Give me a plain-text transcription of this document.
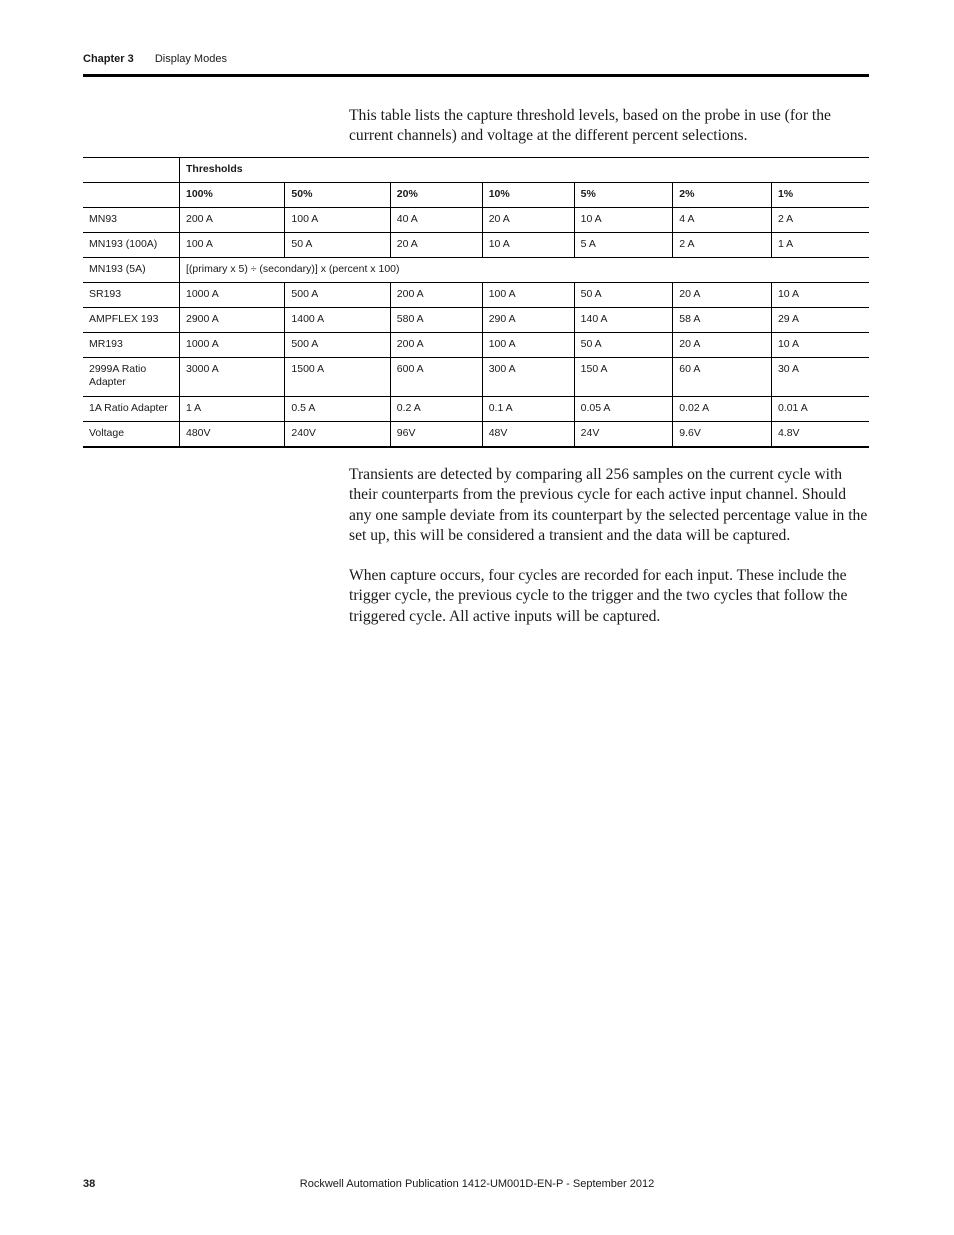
Chapter 3 Display Modes

This table lists the capture threshold levels, based on the probe in use (for the current channels) and voltage at the different percent selections.

	Thresholds						
	100%	50%	20%	10%	5%	2%	1%
MN93	200 A	100 A	40 A	20 A	10 A	4 A	2 A
MN193 (100A)	100 A	50 A	20 A	10 A	5 A	2 A	1 A
MN193 (5A)	[(primary x 5) ÷ (secondary)] x (percent x 100)						
SR193	1000 A	500 A	200 A	100 A	50 A	20 A	10 A
AMPFLEX 193	2900 A	1400 A	580 A	290 A	140 A	58 A	29 A
MR193	1000 A	500 A	200 A	100 A	50 A	20 A	10 A
2999A Ratio Adapter	3000 A	1500 A	600 A	300 A	150 A	60 A	30 A
1A Ratio Adapter	1 A	0.5 A	0.2 A	0.1 A	0.05 A	0.02 A	0.01 A
Voltage	480V	240V	96V	48V	24V	9.6V	4.8V

Transients are detected by comparing all 256 samples on the current cycle with their counterparts from the previous cycle for each active input channel. Should any one sample deviate from its counterpart by the selected percentage value in the set up, this will be considered a transient and the data will be captured.

When capture occurs, four cycles are recorded for each input. These include the trigger cycle, the previous cycle to the trigger and the two cycles that follow the triggered cycle. All active inputs will be captured.

Rockwell Automation Publication 1412-UM001D-EN-P - September 2012
38
